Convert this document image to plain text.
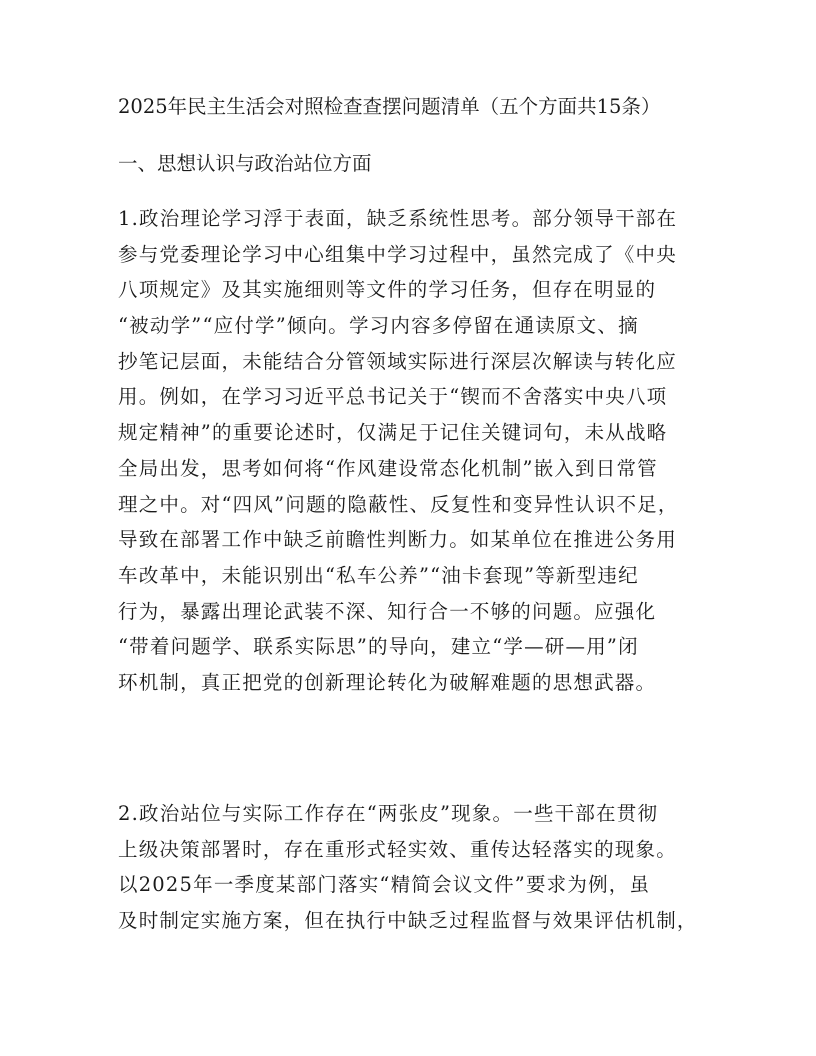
2025年民主生活会对照检查查摆问题清单（五个方面共15条）
一、思想认识与政治站位方面
1.政治理论学习浮于表面，缺乏系统性思考。部分领导干部在
参与党委理论学习中心组集中学习过程中，虽然完成了《中央
八项规定》及其实施细则等文件的学习任务，但存在明显的
“被动学”“应付学”倾向。学习内容多停留在通读原文、摘
抄笔记层面，未能结合分管领域实际进行深层次解读与转化应
用。例如，在学习习近平总书记关于“锲而不舍落实中央八项
规定精神”的重要论述时，仅满足于记住关键词句，未从战略
全局出发，思考如何将“作风建设常态化机制”嵌入到日常管
理之中。对“四风”问题的隐蔽性、反复性和变异性认识不足，
导致在部署工作中缺乏前瞻性判断力。如某单位在推进公务用
车改革中，未能识别出“私车公养”“油卡套现”等新型违纪
行为，暴露出理论武装不深、知行合一不够的问题。应强化
“带着问题学、联系实际思”的导向，建立“学—研—用”闭
环机制，真正把党的创新理论转化为破解难题的思想武器。
2.政治站位与实际工作存在“两张皮”现象。一些干部在贯彻
上级决策部署时，存在重形式轻实效、重传达轻落实的现象。
以2025年一季度某部门落实“精简会议文件”要求为例，虽
及时制定实施方案，但在执行中缺乏过程监督与效果评估机制，
